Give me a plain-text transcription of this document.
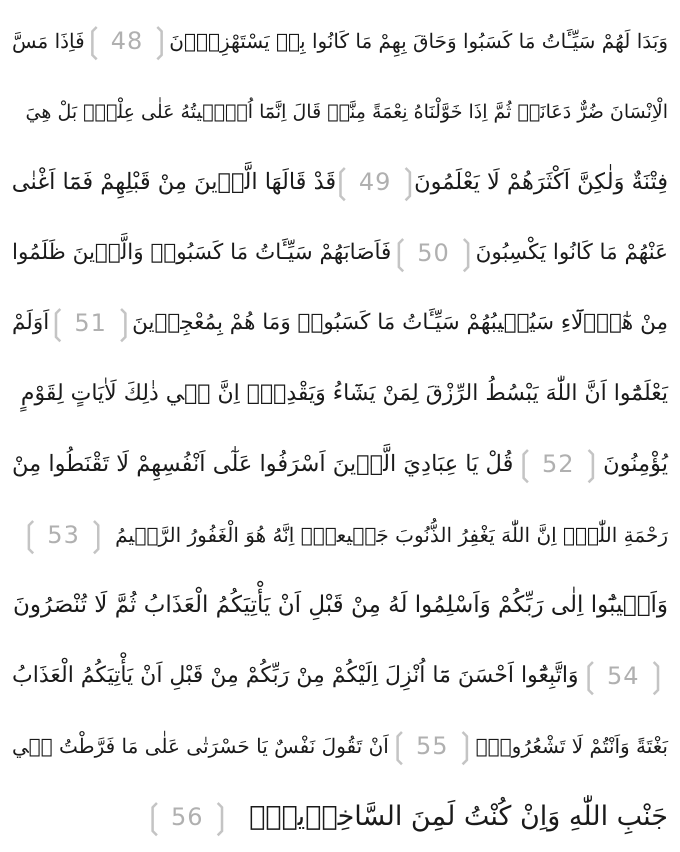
وَبَدَا لَهُمْ سَيِّـَٔاتُ مَا كَسَبُوا وَحَاقَ بِهِمْ مَا كَانُوا بِهٖ يَسْتَهْزِؤُ۫نَ
❲ 48 ❳
فَاِذَا مَسَّ
الْاِنْسَانَ ضُرٌّ دَعَانَاۘ ثُمَّ اِذَا خَوَّلْنَاهُ نِعْمَةً مِنَّاۙ قَالَ اِنَّمَٓا اُو۫تٖيتُهُ عَلٰى عِلْمٍۜ بَلْ هِيَ
فِتْنَةٌ وَلٰكِنَّ اَكْثَرَهُمْ لَا يَعْلَمُونَ
❲ 49 ❳
قَدْ قَالَهَا الَّذٖينَ مِنْ قَبْلِهِمْ فَمَٓا اَغْنٰى
عَنْهُمْ مَا كَانُوا يَكْسِبُونَ
❲ 50 ❳
فَاَصَابَهُمْ سَيِّـَٔاتُ مَا كَسَبُواۜ وَالَّذٖينَ ظَلَمُوا
مِنْ هٰٓؤُ۬لَٓاءِ سَيُصٖيبُهُمْ سَيِّـَٔاتُ مَا كَسَبُواۙ وَمَا هُمْ بِمُعْجِزٖينَ
❲ 51 ❳
اَوَلَمْ
يَعْلَمُٓوا اَنَّ اللّٰهَ يَبْسُطُ الرِّزْقَ لِمَنْ يَشَٓاءُ وَيَقْدِرُۜ اِنَّ فٖي ذٰلِكَ لَاٰيَاتٍ لِقَوْمٍ
يُؤْمِنُونَ
❲ 52 ❳
قُلْ يَا عِبَادِيَ الَّذٖينَ اَسْرَفُوا عَلٰٓى اَنْفُسِهِمْ لَا تَقْنَطُوا مِنْ
رَحْمَةِ اللّٰهِۜ اِنَّ اللّٰهَ يَغْفِرُ الذُّنُوبَ جَمٖيعاًۜ اِنَّهُ هُوَ الْغَفُورُ الرَّحٖيمُ
❲ 53 ❳
وَاَنٖيبُٓوا اِلٰى رَبِّكُمْ وَاَسْلِمُوا لَهُ مِنْ قَبْلِ اَنْ يَأْتِيَكُمُ الْعَذَابُ ثُمَّ لَا تُنْصَرُونَ
❲ 54 ❳
وَاتَّبِعُٓوا اَحْسَنَ مَٓا اُنْزِلَ اِلَيْكُمْ مِنْ رَبِّكُمْ مِنْ قَبْلِ اَنْ يَأْتِيَكُمُ الْعَذَابُ
بَغْتَةً وَاَنْتُمْ لَا تَشْعُرُونَۙ
❲ 55 ❳
اَنْ تَقُولَ نَفْسٌ يَا حَسْرَتٰى عَلٰى مَا فَرَّطْتُ فٖي
جَنْبِ اللّٰهِ وَاِنْ كُنْتُ لَمِنَ السَّاخِرٖينَۙ
❲ 56 ❳
